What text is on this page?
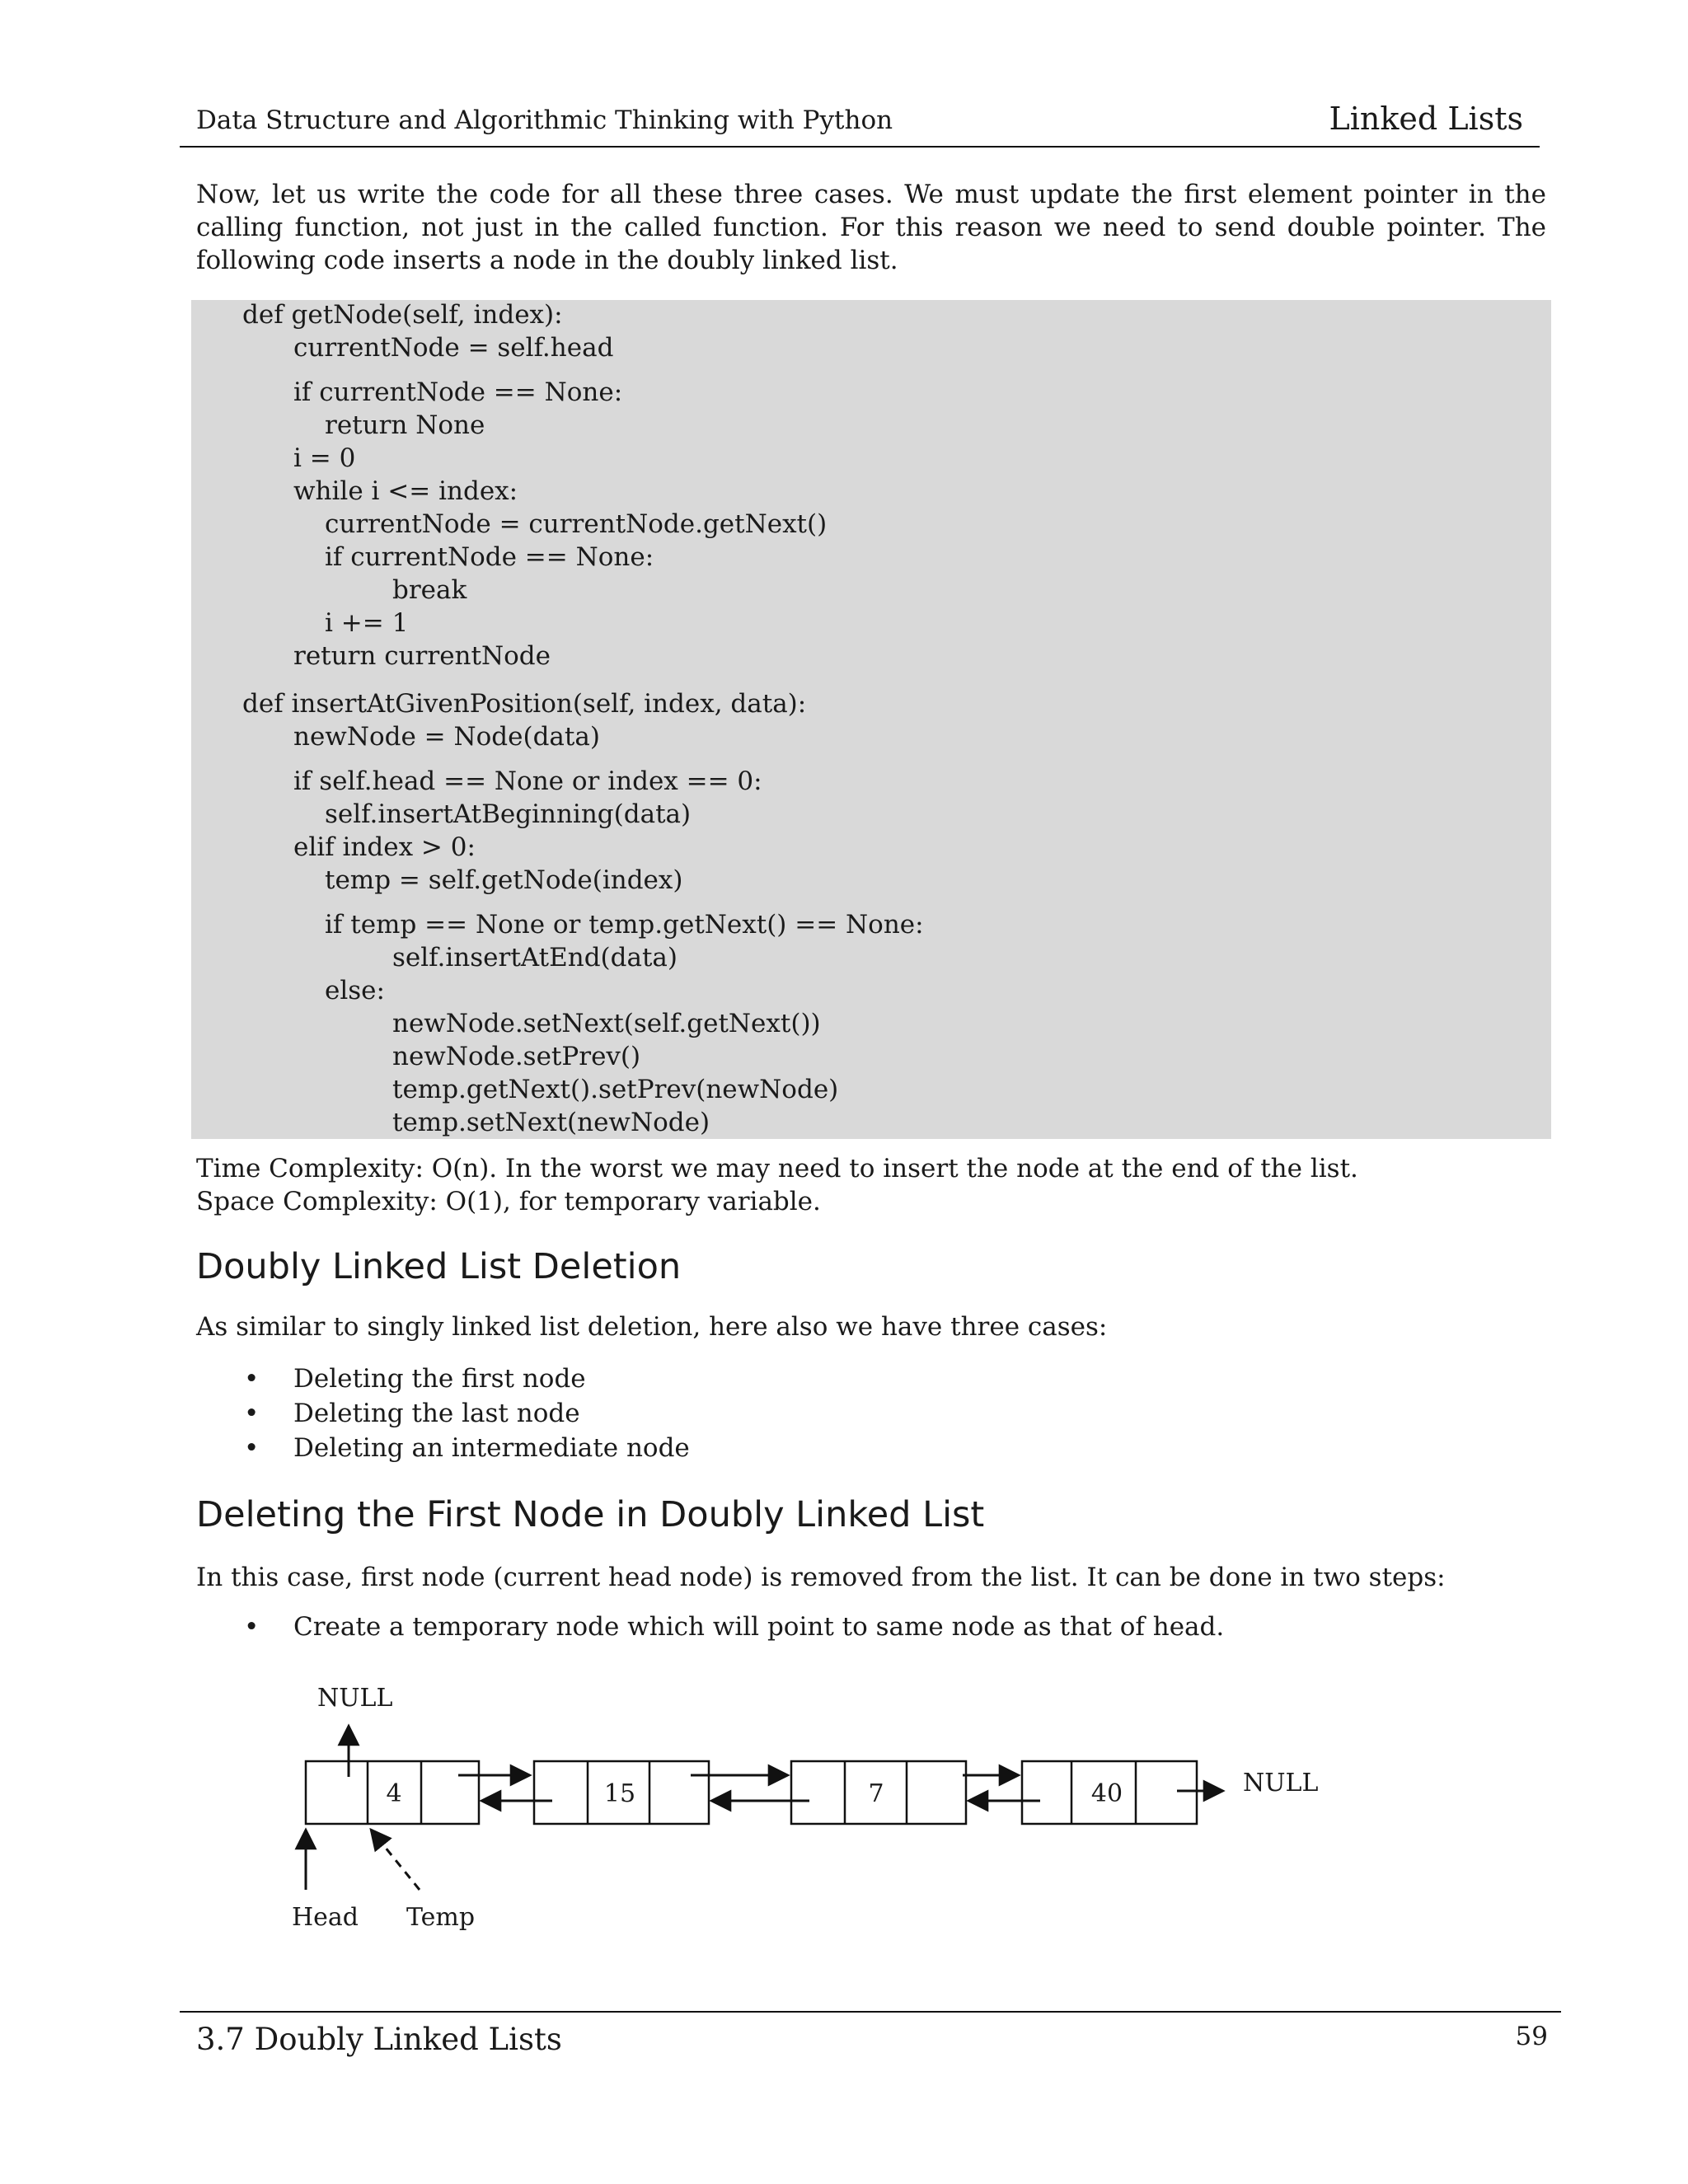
Data Structure and Algorithmic Thinking with Python	Linked Lists
Now, let us write the code for all these three cases. We must update the first element pointer in the calling function, not just in the called function. For this reason we need to send double pointer. The following code inserts a node in the doubly linked list.
def getNode(self, index):
currentNode = self.head
if currentNode == None:
return None
i = 0
while i <= index:
currentNode = currentNode.getNext()
if currentNode == None:
break
i += 1
return currentNode
def insertAtGivenPosition(self, index, data):
newNode = Node(data)
if self.head == None or index == 0:
self.insertAtBeginning(data)
elif index > 0:
temp = self.getNode(index)
if temp == None or temp.getNext() == None:
self.insertAtEnd(data)
else:
newNode.setNext(self.getNext())
newNode.setPrev()
temp.getNext().setPrev(newNode)
temp.setNext(newNode)
Time Complexity: O(n). In the worst we may need to insert the node at the end of the list.
Space Complexity: O(1), for temporary variable.
Doubly Linked List Deletion
As similar to singly linked list deletion, here also we have three cases:
• Deleting the first node
• Deleting the last node
• Deleting an intermediate node
Deleting the First Node in Doubly Linked List
In this case, first node (current head node) is removed from the list. It can be done in two steps:
• Create a temporary node which will point to same node as that of head.
NULL
4	15	7	40	NULL
Head Temp
3.7 Doubly Linked Lists	59
